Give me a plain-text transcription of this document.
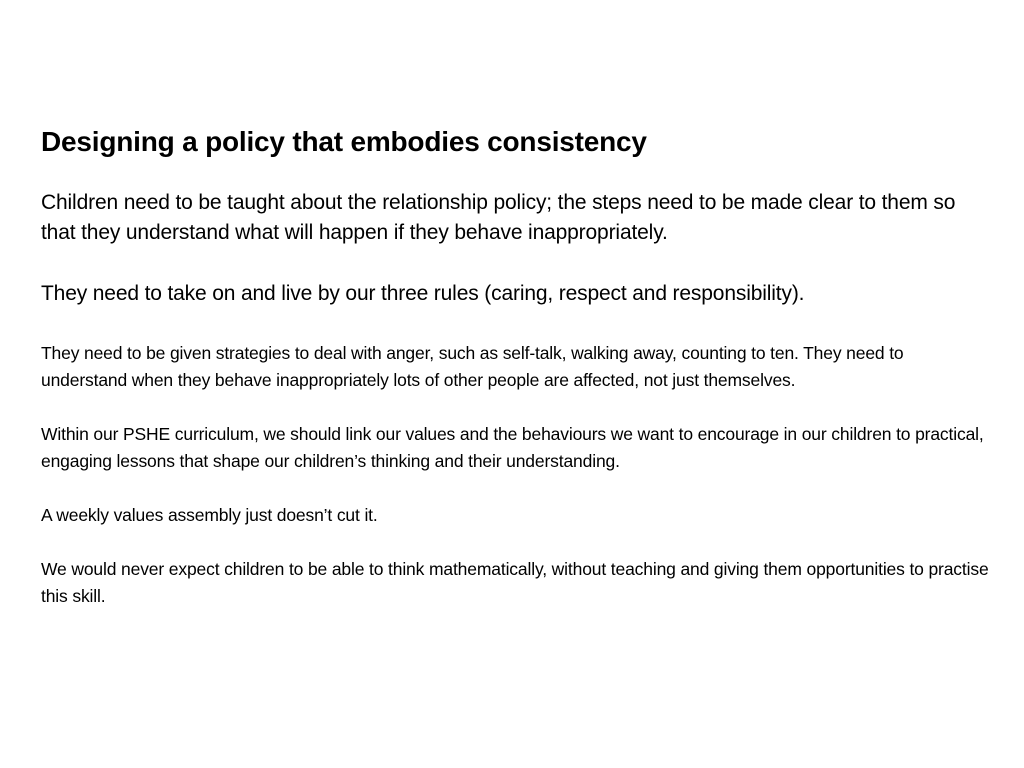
Designing a policy that embodies consistency

Children need to be taught about the relationship policy; the steps need to be made clear to them so that they understand what will happen if they behave inappropriately.

They need to take on and live by our three rules (caring, respect and responsibility).

They need to be given strategies to deal with anger, such as self-talk, walking away, counting to ten. They need to understand when they behave inappropriately lots of other people are affected, not just themselves.

Within our PSHE curriculum, we should link our values and the behaviours we want to encourage in our children to practical, engaging lessons that shape our children’s thinking and their understanding.

A weekly values assembly just doesn’t cut it.

We would never expect children to be able to think mathematically, without teaching and giving them opportunities to practise this skill.
